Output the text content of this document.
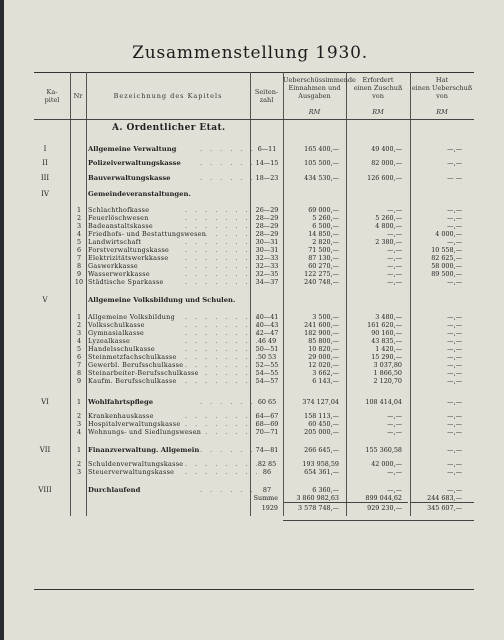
Zusammenstellung 1930.
Ka-
pitel	Nr	Bezeichnung des Kapitels	Seiten-
zahl
Ueberschüssimmende
Einnahmen und
Ausgaben
Erfordert
einen Zuschuß
von
Hat
einen Ueberschuß
von
RM	RM	RM
A. Ordentlicher Etat.
I	Allgemeine Verwaltung	6—11	165 400,—	49 400,—	—,—
II	Polizeiverwaltungskasse	14—15	105 500,—	82 000,—	—,—
III	Bauverwaltungskasse	18—23	434 530,—	126 600,—	— —
IV	Gemeindeveranstaltungen.
1	Schlachthofkasse	26—29	69 000,—	—,—	—,—
2	Feuerlöschwesen	28—29	5 260,—	5 260,—	—,—
3	Badeanstaltskasse	28—29	6 500,—	4 800,—	—,—
4	Friedhofs- und Bestattungswesen	28—29	14 850,—	—,—	4 000,—
5	Landwirtschaft	30—31	2 820,—	2 380,—	—,—
6	Forstverwaltungskasse	30—31	71 500,—	—,—	10 558,—
7	Elektrizitätswerkkasse	32—33	87 130,—	—,—	82 625,—
8	Gaswerkkasse	32—33	60 270,—	—,—	58 000,—
9	Wasserwerkkasse	32—35	122 275,—	—,—	89 500,—
10 Städtische Sparkasse	34—37	240 748,—	—,—	—,—
V	Allgemeine Volksbildung und Schulen.
1	Allgemeine Volksbildung	40—41	3 500,—	3 480,—	—,—
2	Volksschulkasse	40—43	241 600,—	161 620,—	—,—
3	Gymnasialkasse	42—47	182 900,—	90 160,—	—,—
4	Lyzealkasse	46 49	85 800,—	43 835,—	—,—
5	Handelsschulkasse	50—51	10 820,—	1 420,—	—,—
6	Steinmetzfachschulkasse	50 53	29 000,—	15 290,—	—,—
7	Gewerbl. Berufsschulkasse	52—55	12 020,—	3 037,80	—,—
8	Steinarbeiter-Berufsschulkasse	54—55	3 662,—	1 866,50	—,—
9	Kaufm. Berufsschulkasse	54—57	6 143,—	2 120,70	—,—
VI	1	Wohlfahrtspflege	60 65	374 127,04	108 414,04	—,—
2	Krankenhauskasse	64—67	158 113,—	—,—	—,—
3	Hospitalverwaltungskasse	68—69	60 450,—	—,—	—,—
4	Wohnungs- und Siedlungswesen	70—71	205 000,—	—,—	—,—
VII	1	Finanzverwaltung. Allgemein	74—81	266 645,—	155 360,58	—,—
2	Schuldenverwaltungskasse	82 85	193 958,59	42 000,—	—,—
3	Steuerverwaltungskasse	86	654 361,—	—,—	—,—
VIII	Durchlaufend	87	6 360,—	—,—	—,—
. . . . . .
. . . . . .
. . . . . .
. . . . . . . .
. . . . . . . .
. . . . . . . .
. . . . . . . .
. . . . . . . .
. . . . . . . .
. . . . . . . .
. . . . . . . .
. . . . . . . .
. . . . . . . .
. . . . . . . .
. . . . . . . .
. . . . . . . .
. . . . . . . .
. . . . . . . .
. . . . . . . .
. . . . . . . .
. . . . . . . .
. . . . . . . .
. . . . . .
. . . . . . . .
. . . . . . . .
. . . . . . . .
. . . . . .
. . . . . . . .
. . . . . . . .
. . . . . .
Summe	3 860 982,63	899 044,62	244 683,—
1929	3 578 748,—	929 230,—	345 607,—
